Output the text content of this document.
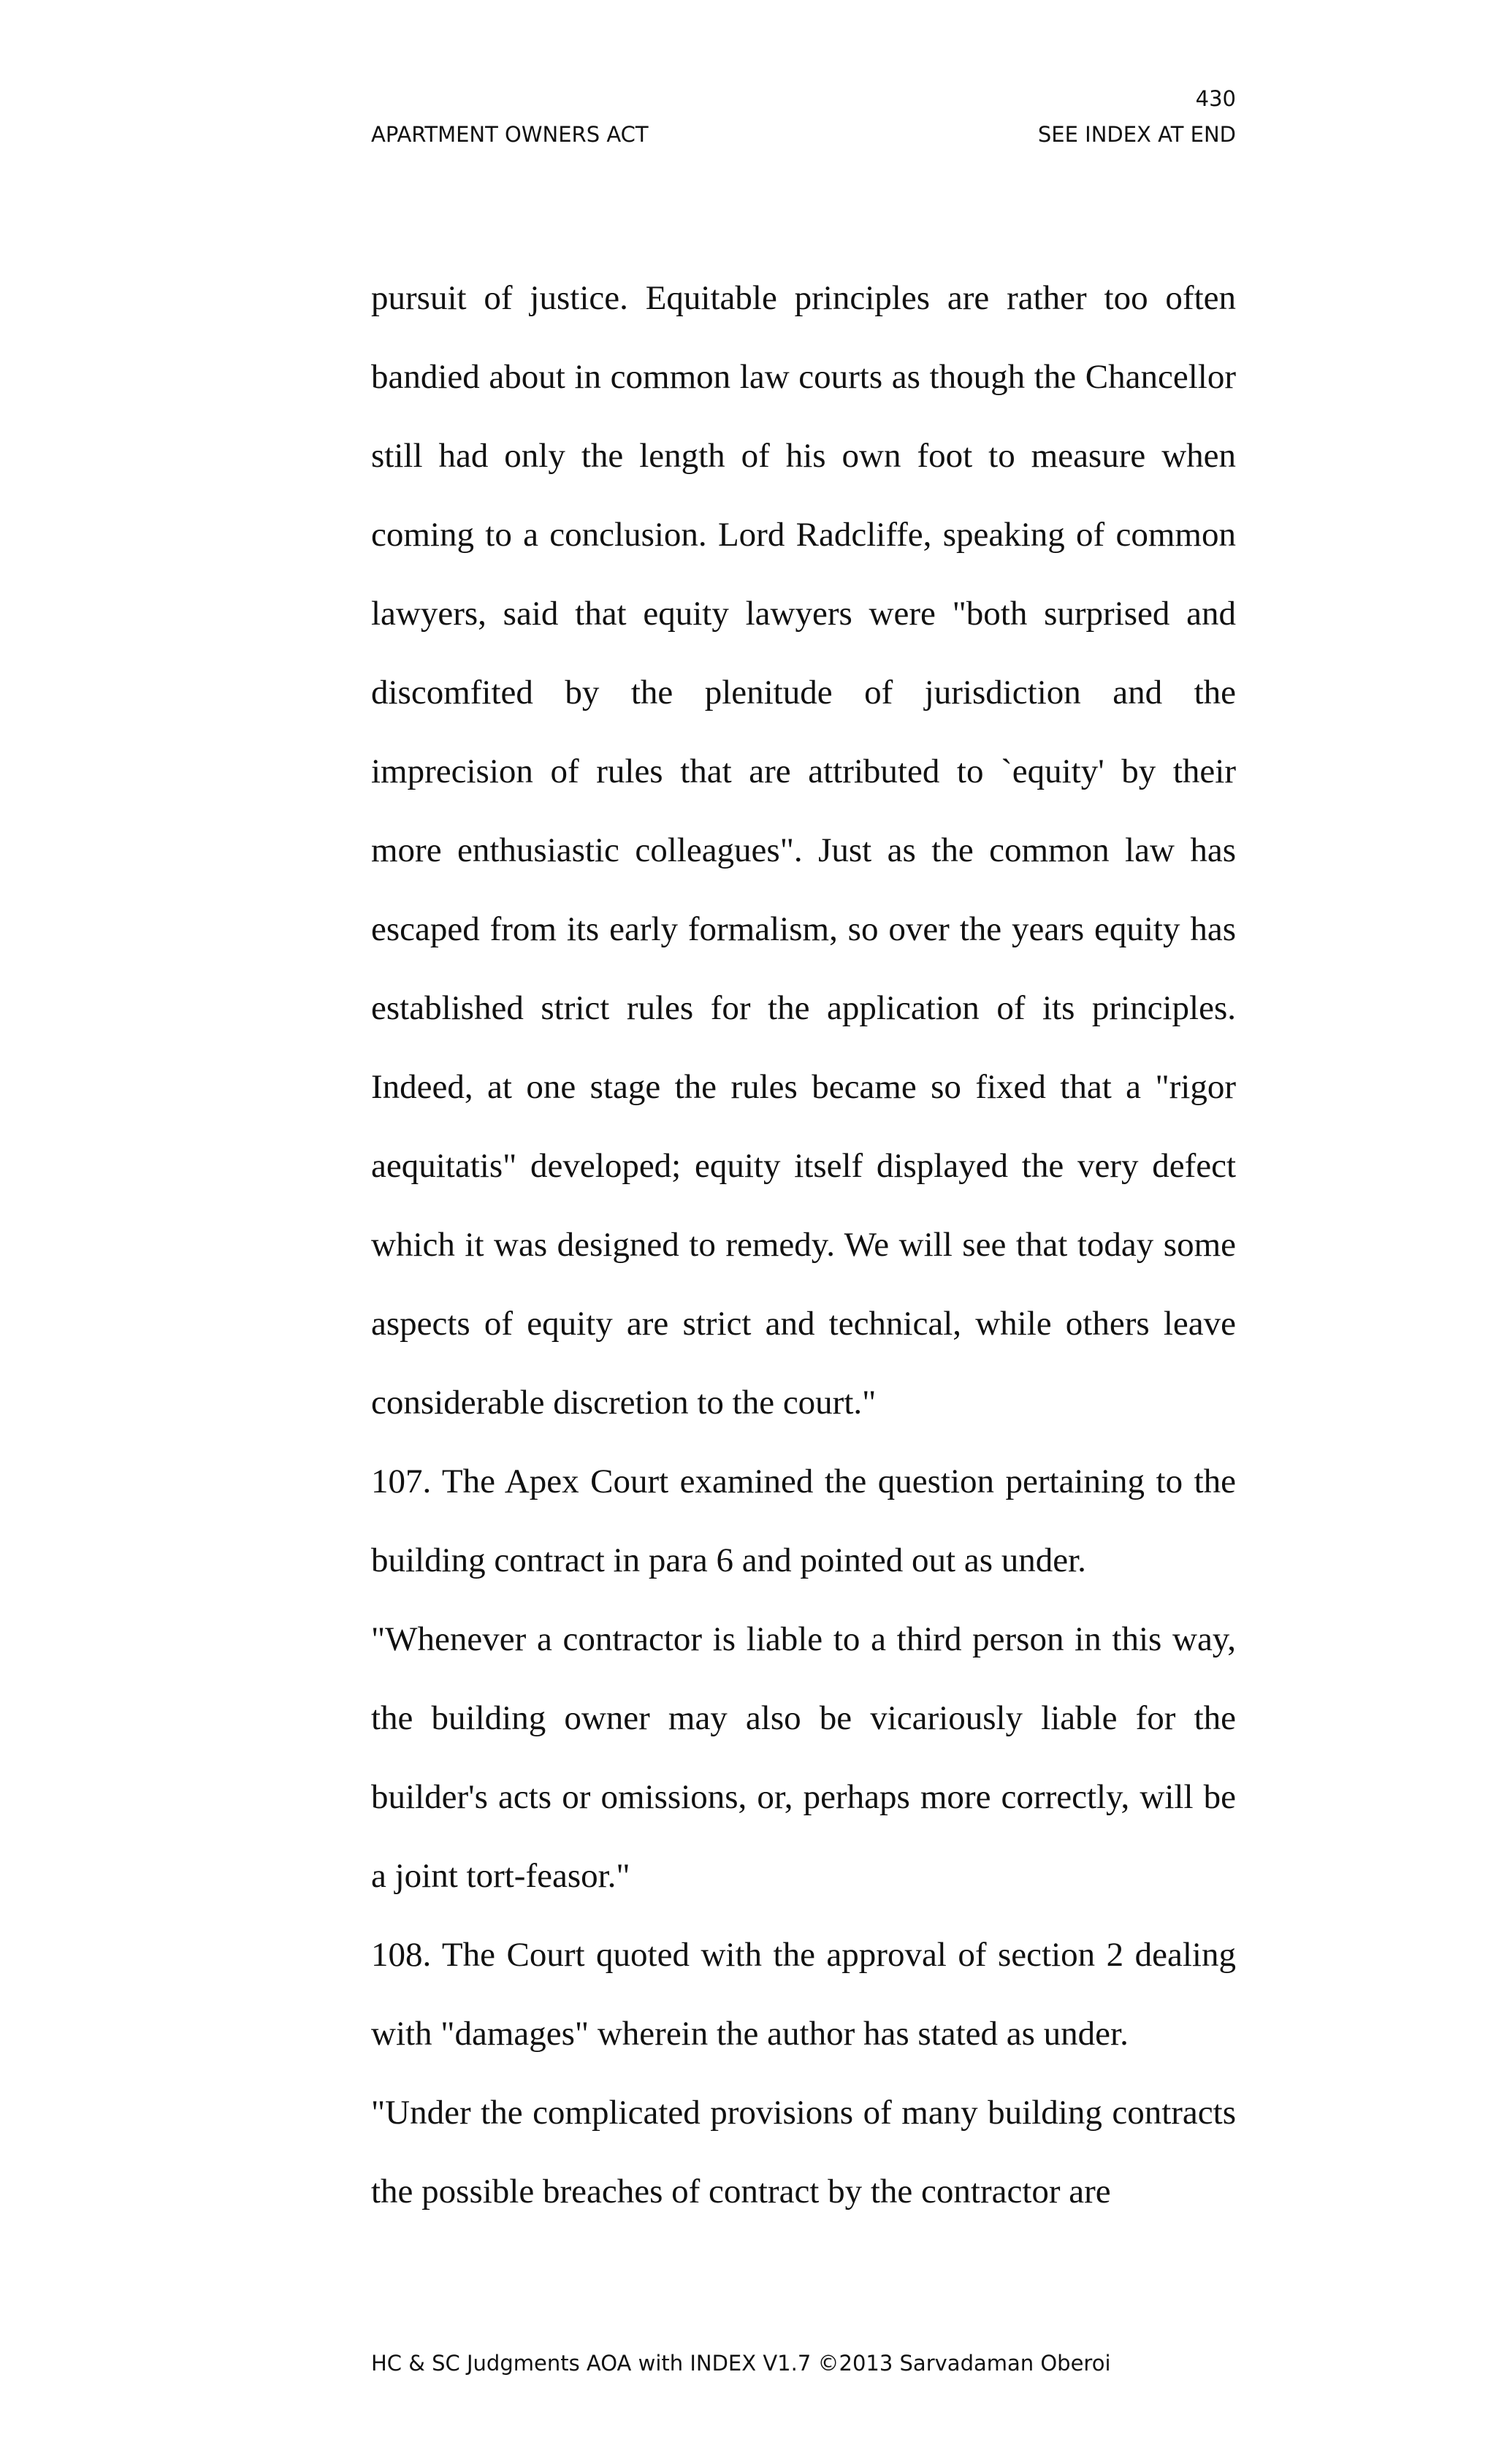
430
APARTMENT OWNERS ACT	SEE INDEX AT END

pursuit of justice. Equitable principles are rather too often bandied about in common law courts as though the Chancellor still had only the length of his own foot to measure when coming to a conclusion. Lord Radcliffe, speaking of common lawyers, said that equity lawyers were "both surprised and discomfited by the plenitude of jurisdiction and the imprecision of rules that are attributed to `equity' by their more enthusiastic colleagues". Just as the common law has escaped from its early formalism, so over the years equity has established strict rules for the application of its principles. Indeed, at one stage the rules became so fixed that a "rigor aequitatis" developed; equity itself displayed the very defect which it was designed to remedy. We will see that today some aspects of equity are strict and technical, while others leave considerable discretion to the court."

107. The Apex Court examined the question pertaining to the building contract in para 6 and pointed out as under.

"Whenever a contractor is liable to a third person in this way, the building owner may also be vicariously liable for the builder's acts or omissions, or, perhaps more correctly, will be a joint tort-feasor."

108. The Court quoted with the approval of section 2 dealing with "damages" wherein the author has stated as under.

"Under the complicated provisions of many building contracts the possible breaches of contract by the contractor are

HC & SC Judgments AOA with INDEX V1.7 ©2013 Sarvadaman Oberoi
